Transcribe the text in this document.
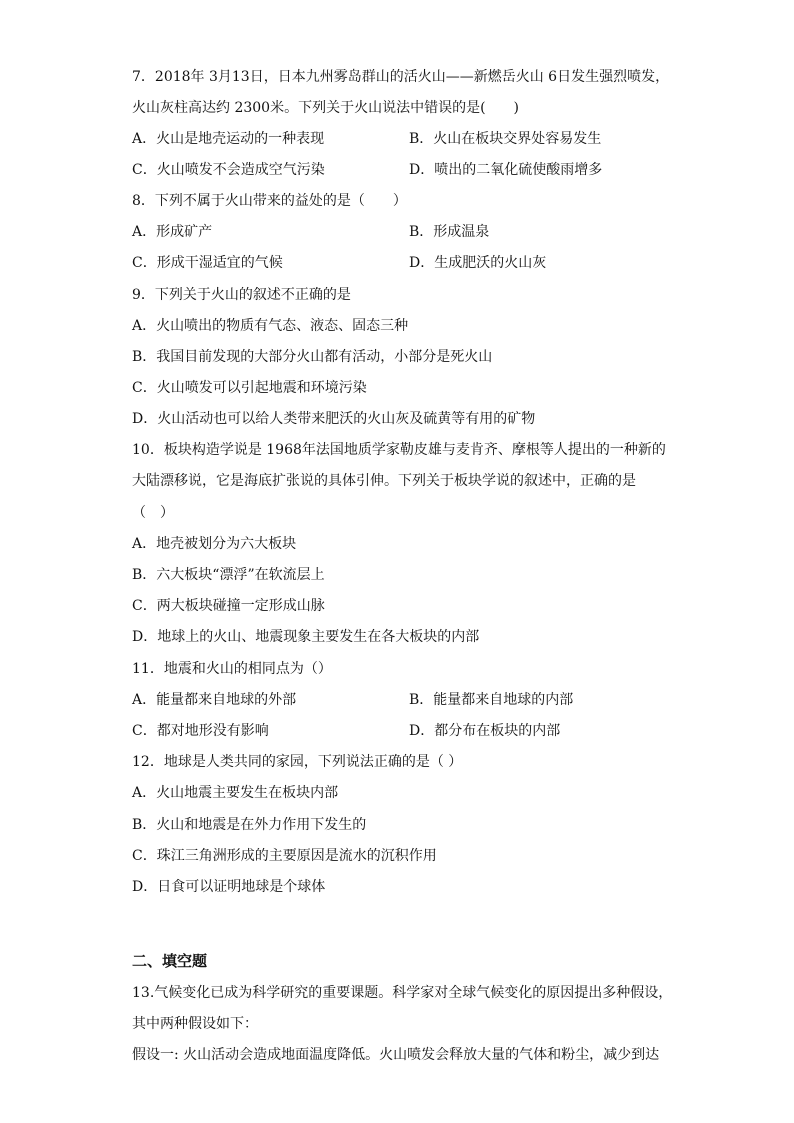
7．2018年 3月13日，日本九州雾岛群山的活火山——新燃岳火山 6日发生强烈喷发，
火山灰柱高达约 2300米。下列关于火山说法中错误的是(　　)
A．火山是地壳运动的一种表现	B．火山在板块交界处容易发生
C．火山喷发不会造成空气污染	D．喷出的二氧化硫使酸雨增多
8．下列不属于火山带来的益处的是（　　）
A．形成矿产	B．形成温泉
C．形成干湿适宜的气候	D．生成肥沃的火山灰
9．下列关于火山的叙述不正确的是
A．火山喷出的物质有气态、液态、固态三种
B．我国目前发现的大部分火山都有活动，小部分是死火山
C．火山喷发可以引起地震和环境污染
D．火山活动也可以给人类带来肥沃的火山灰及硫黄等有用的矿物
10．板块构造学说是 1968年法国地质学家勒皮雄与麦肯齐、摩根等人提出的一种新的
大陆漂移说，它是海底扩张说的具体引伸。下列关于板块学说的叙述中，正确的是
（　）
A．地壳被划分为六大板块
B．六大板块“漂浮”在软流层上
C．两大板块碰撞一定形成山脉
D．地球上的火山、地震现象主要发生在各大板块的内部
11．地震和火山的相同点为（）
A．能量都来自地球的外部	B．能量都来自地球的内部
C．都对地形没有影响	D．都分布在板块的内部
12．地球是人类共同的家园，下列说法正确的是（ ）
A．火山地震主要发生在板块内部
B．火山和地震是在外力作用下发生的
C．珠江三角洲形成的主要原因是流水的沉积作用
D．日食可以证明地球是个球体
二、填空题
13.气候变化已成为科学研究的重要课题。科学家对全球气候变化的原因提出多种假设，
其中两种假设如下：
假设一: 火山活动会造成地面温度降低。火山喷发会释放大量的气体和粉尘，减少到达
